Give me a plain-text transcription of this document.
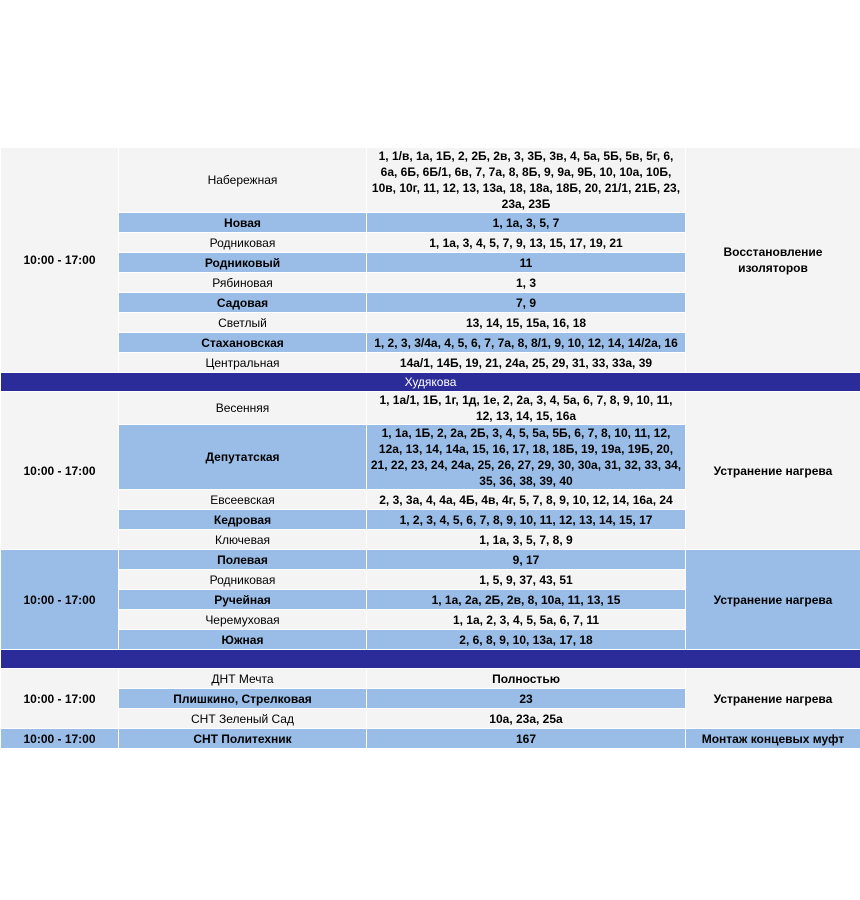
10:00 - 17:00	Набережная	1, 1/в, 1а, 1Б, 2, 2Б, 2в, 3, 3Б, 3в, 4, 5а, 5Б, 5в, 5г, 6, 6а, 6Б, 6Б/1, 6в, 7, 7а, 8, 8Б, 9, 9а, 9Б, 10, 10а, 10Б, 10в, 10г, 11, 12, 13, 13а, 18, 18а, 18Б, 20, 21/1, 21Б, 23, 23а, 23Б	Восстановление изоляторов
	Новая	1, 1а, 3, 5, 7	
	Родниковая	1, 1а, 3, 4, 5, 7, 9, 13, 15, 17, 19, 21	
	Родниковый	11	
	Рябиновая	1, 3	
	Садовая	7, 9	
	Светлый	13, 14, 15, 15а, 16, 18	
	Стахановская	1, 2, 3, 3/4а, 4, 5, 6, 7, 7а, 8, 8/1, 9, 10, 12, 14, 14/2а, 16	
	Центральная	14а/1, 14Б, 19, 21, 24а, 25, 29, 31, 33, 33а, 39	
Худякова			
10:00 - 17:00	Весенняя	1, 1а/1, 1Б, 1г, 1д, 1е, 2, 2а, 3, 4, 5а, 6, 7, 8, 9, 10, 11, 12, 13, 14, 15, 16а	Устранение нагрева
	Депутатская	1, 1а, 1Б, 2, 2а, 2Б, 3, 4, 5, 5а, 5Б, 6, 7, 8, 10, 11, 12, 12а, 13, 14, 14а, 15, 16, 17, 18, 18Б, 19, 19а, 19Б, 20, 21, 22, 23, 24, 24а, 25, 26, 27, 29, 30, 30а, 31, 32, 33, 34, 35, 36, 38, 39, 40	
	Евсеевская	2, 3, 3а, 4, 4а, 4Б, 4в, 4г, 5, 7, 8, 9, 10, 12, 14, 16а, 24	
	Кедровая	1, 2, 3, 4, 5, 6, 7, 8, 9, 10, 11, 12, 13, 14, 15, 17	
	Ключевая	1, 1а, 3, 5, 7, 8, 9	
10:00 - 17:00	Полевая	9, 17	Устранение нагрева
	Родниковая	1, 5, 9, 37, 43, 51	
	Ручейная	1, 1а, 2а, 2Б, 2в, 8, 10а, 11, 13, 15	
	Черемуховая	1, 1а, 2, 3, 4, 5, 5а, 6, 7, 11	
	Южная	2, 6, 8, 9, 10, 13а, 17, 18	

10:00 - 17:00	ДНТ Мечта	Полностью	Устранение нагрева
	Плишкино, Стрелковая	23	
	СНТ Зеленый Сад	10а, 23а, 25а	
10:00 - 17:00	СНТ Политехник	167	Монтаж концевых муфт
